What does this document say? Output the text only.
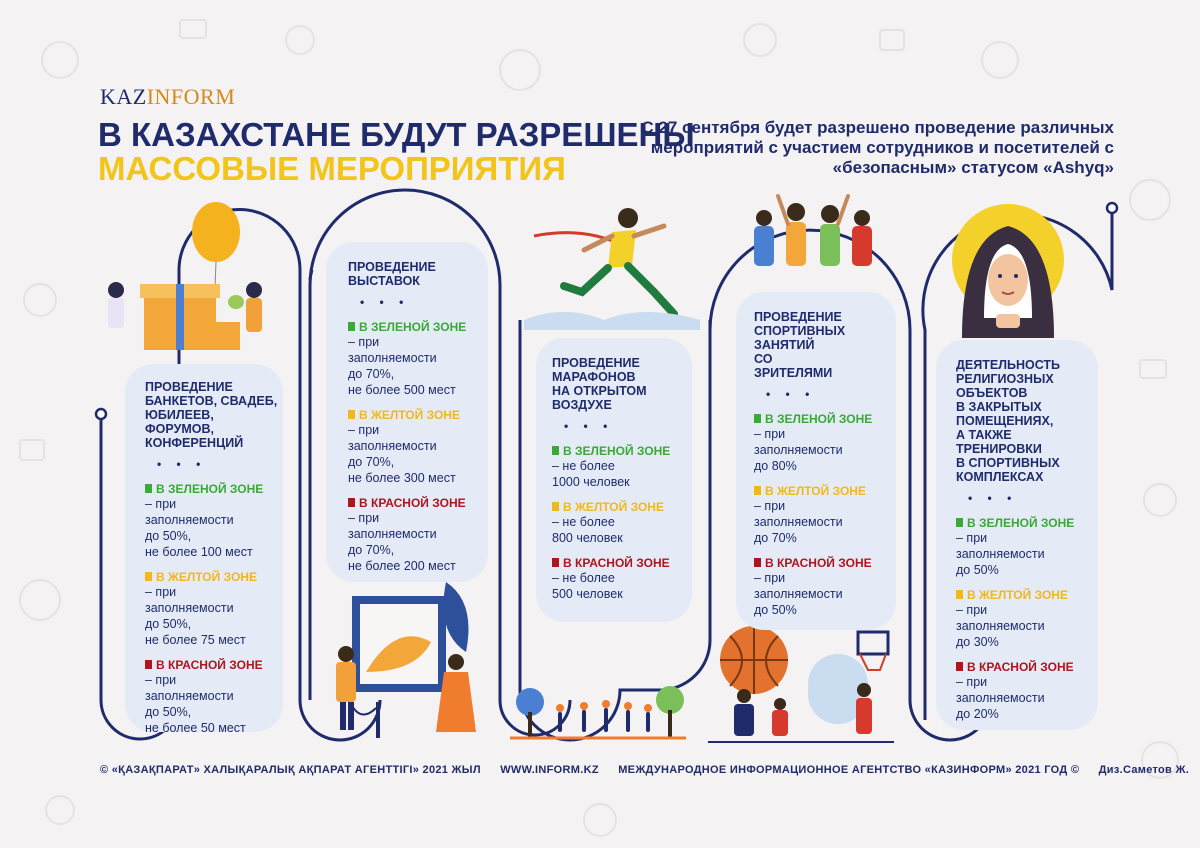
KAZINFORM
В КАЗАХСТАНЕ БУДУТ РАЗРЕШЕНЫ
МАССОВЫЕ МЕРОПРИЯТИЯ
С 27 сентября будет разрешено проведение различных мероприятий с участием сотрудников и посетителей с «безопасным» статусом «Ashyq»
ПРОВЕДЕНИЕ
БАНКЕТОВ, СВАДЕБ,
ЮБИЛЕЕВ,
ФОРУМОВ,
КОНФЕРЕНЦИЙ
• • •
В ЗЕЛЕНОЙ ЗОНЕ
– при
заполняемости
до 50%,
не более 100 мест
В ЖЕЛТОЙ ЗОНЕ
– при
заполняемости
до 50%,
не более 75 мест
В КРАСНОЙ ЗОНЕ
– при
заполняемости
до 50%,
не более 50 мест
ПРОВЕДЕНИЕ
ВЫСТАВОК
• • •
В ЗЕЛЕНОЙ ЗОНЕ
– при
заполняемости
до 70%,
не более 500 мест
В ЖЕЛТОЙ ЗОНЕ
– при
заполняемости
до 70%,
не более 300 мест
В КРАСНОЙ ЗОНЕ
– при
заполняемости
до 70%,
не более 200 мест
ПРОВЕДЕНИЕ
МАРАФОНОВ
НА ОТКРЫТОМ
ВОЗДУХЕ
• • •
В ЗЕЛЕНОЙ ЗОНЕ
– не более
1000 человек
В ЖЕЛТОЙ ЗОНЕ
– не более
800 человек
В КРАСНОЙ ЗОНЕ
– не более
500 человек
ПРОВЕДЕНИЕ
СПОРТИВНЫХ
ЗАНЯТИЙ
СО
ЗРИТЕЛЯМИ
• • •
В ЗЕЛЕНОЙ ЗОНЕ
– при
заполняемости
до 80%
В ЖЕЛТОЙ ЗОНЕ
– при
заполняемости
до 70%
В КРАСНОЙ ЗОНЕ
– при
заполняемости
до 50%
ДЕЯТЕЛЬНОСТЬ
РЕЛИГИОЗНЫХ
ОБЪЕКТОВ
В ЗАКРЫТЫХ
ПОМЕЩЕНИЯХ,
А ТАКЖЕ
ТРЕНИРОВКИ
В СПОРТИВНЫХ
КОМПЛЕКСАХ
• • •
В ЗЕЛЕНОЙ ЗОНЕ
– при
заполняемости
до 50%
В ЖЕЛТОЙ ЗОНЕ
– при
заполняемости
до 30%
В КРАСНОЙ ЗОНЕ
– при
заполняемости
до 20%
© «ҚАЗАҚПАРАТ» ХАЛЫҚАРАЛЫҚ АҚПАРАТ АГЕНТТІГІ» 2021 ЖЫЛ WWW.INFORM.KZ МЕЖДУНАРОДНОЕ ИНФОРМАЦИОННОЕ АГЕНТСТВО «КАЗИНФОРМ» 2021 ГОД © Диз.Саметов Ж.
